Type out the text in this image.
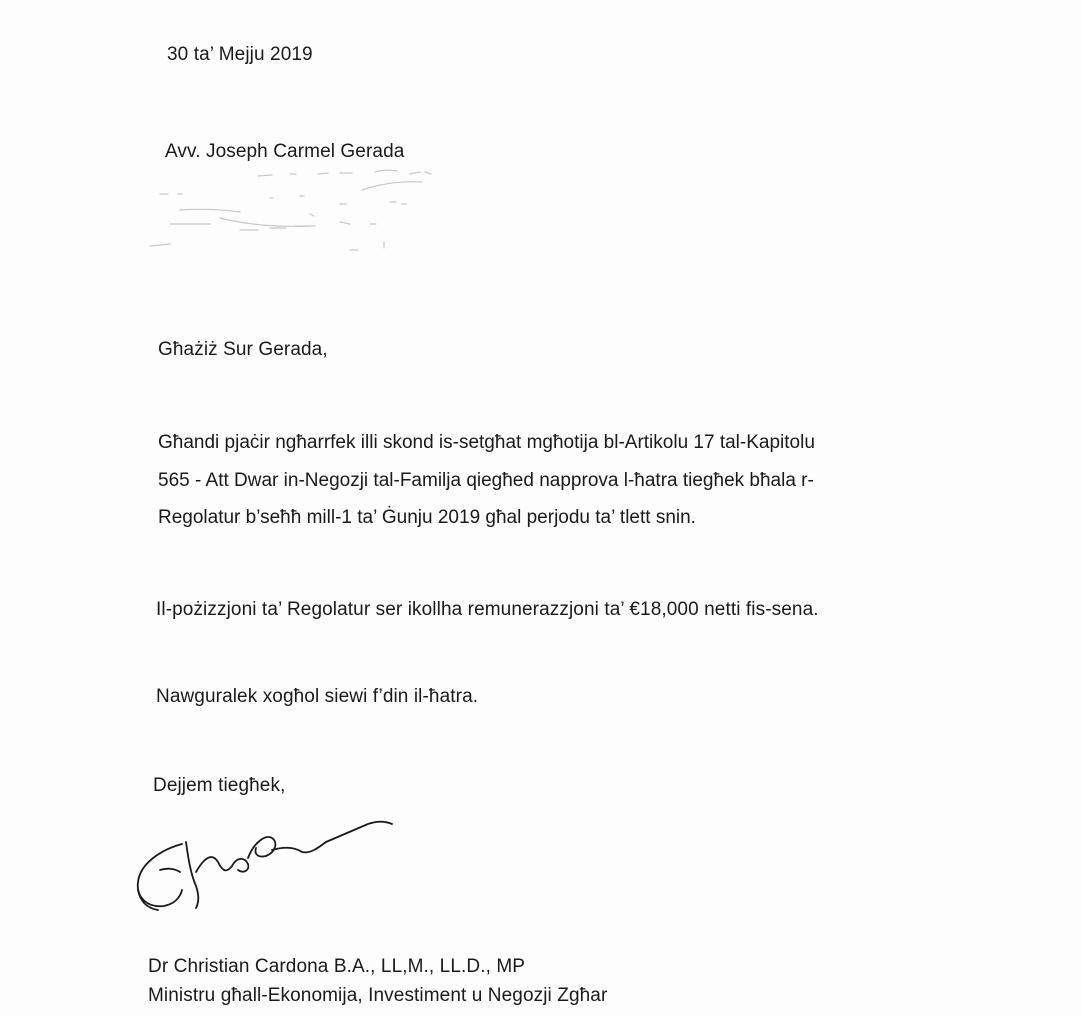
30 ta’ Mejju 2019
Avv. Joseph Carmel Gerada
Għażiż Sur Gerada,
Għandi pjaċir ngħarrfek illi skond is-setgħat mgħotija bl-Artikolu 17 tal-Kapitolu
565 - Att Dwar in-Negozji tal-Familja qiegħed napprova l-ħatra tiegħek bħala r-
Regolatur b’seħħ mill-1 ta’ Ġunju 2019 għal perjodu ta’ tlett snin.
Il-pożizzjoni ta’ Regolatur ser ikollha remunerazzjoni ta’ €18,000 netti fis-sena.
Nawguralek xogħol siewi f’din il-ħatra.
Dejjem tiegħek,
Dr Christian Cardona B.A., LL,M., LL.D., MP
Ministru għall-Ekonomija, Investiment u Negozji Zgħar
